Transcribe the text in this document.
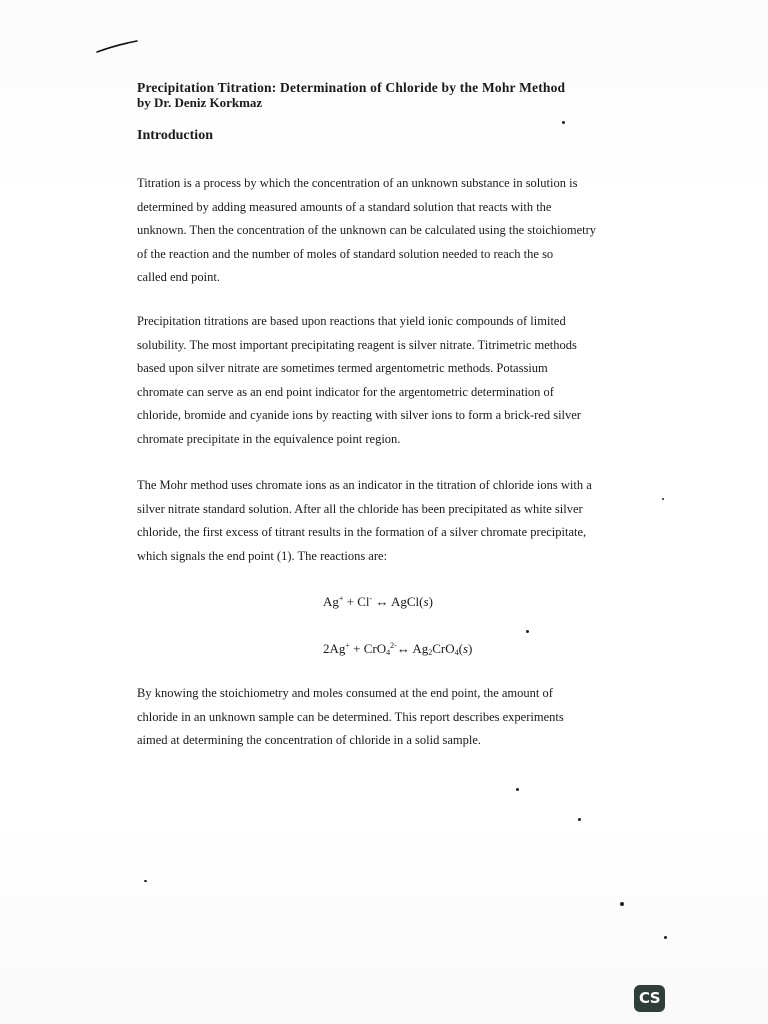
Precipitation Titration: Determination of Chloride by the Mohr Method
by Dr. Deniz Korkmaz
Introduction
Titration is a process by which the concentration of an unknown substance in solution is
determined by adding measured amounts of a standard solution that reacts with the
unknown. Then the concentration of the unknown can be calculated using the stoichiometry
of the reaction and the number of moles of standard solution needed to reach the so
called end point.
Precipitation titrations are based upon reactions that yield ionic compounds of limited
solubility. The most important precipitating reagent is silver nitrate. Titrimetric methods
based upon silver nitrate are sometimes termed argentometric methods. Potassium
chromate can serve as an end point indicator for the argentometric determination of
chloride, bromide and cyanide ions by reacting with silver ions to form a brick-red silver
chromate precipitate in the equivalence point region.
The Mohr method uses chromate ions as an indicator in the titration of chloride ions with a
silver nitrate standard solution. After all the chloride has been precipitated as white silver
chloride, the first excess of titrant results in the formation of a silver chromate precipitate,
which signals the end point (1). The reactions are:
Ag+ + Cl- ↔ AgCl(s)
2Ag+ + CrO$_4^{2-}$↔ $Ag_2CrO_4(s)$
By knowing the stoichiometry and moles consumed at the end point, the amount of
chloride in an unknown sample can be determined. This report describes experiments
aimed at determining the concentration of chloride in a solid sample.
CS
